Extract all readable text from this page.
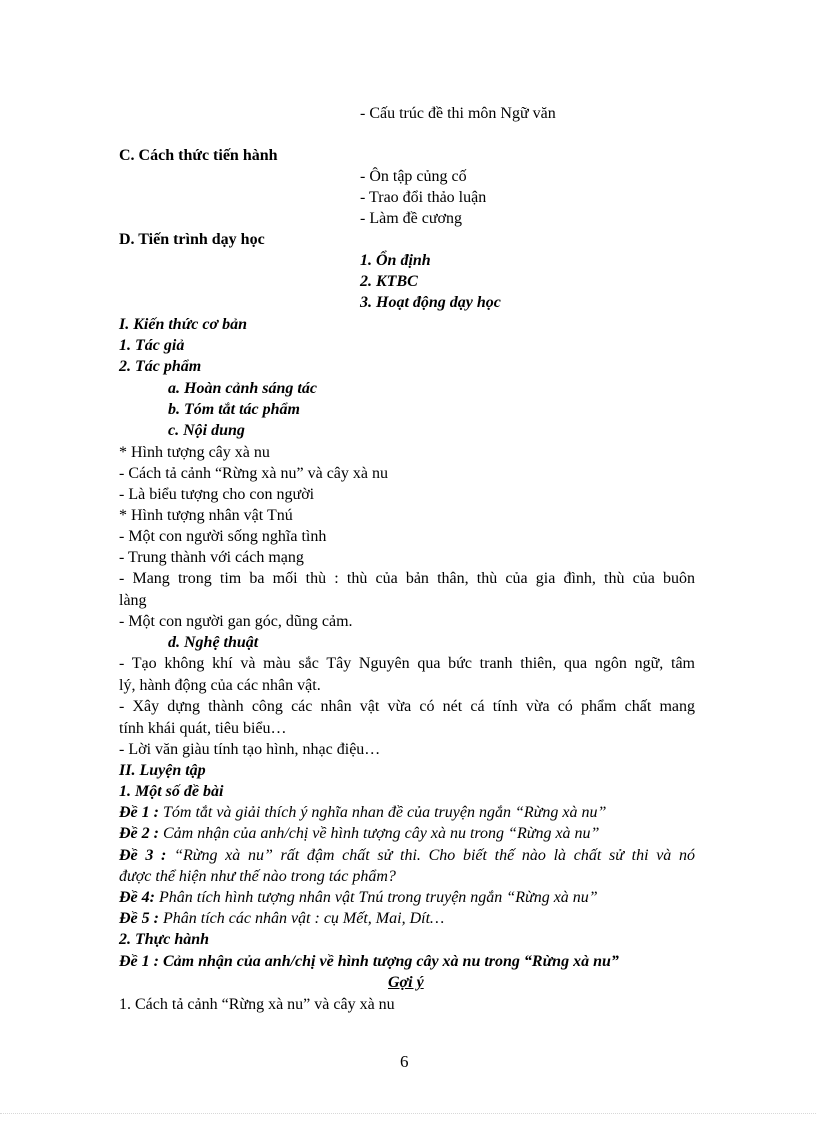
- Cấu trúc đề thi môn Ngữ văn
C. Cách thức tiến hành
- Ôn tập củng cố
- Trao đổi thảo luận
- Làm đề cương
D. Tiến trình dạy học
1. Ổn định
2. KTBC
3. Hoạt động dạy học
I. Kiến thức cơ bản
1. Tác giả
2. Tác phẩm
a. Hoàn cảnh sáng tác
b. Tóm tắt tác phẩm
c. Nội dung
* Hình tượng cây xà nu
- Cách tả cảnh “Rừng xà nu” và cây xà nu
- Là biểu tượng cho con người
* Hình tượng nhân vật Tnú
- Một con người sống nghĩa tình
- Trung thành với cách mạng
- Mang trong tim ba mối thù : thù của bản thân, thù của gia đình, thù của buôn
làng
- Một con người gan góc, dũng cảm.
d. Nghệ thuật
- Tạo không khí và màu sắc Tây Nguyên qua bức tranh thiên, qua ngôn ngữ, tâm
lý, hành động của các nhân vật.
- Xây dựng thành công các nhân vật vừa có nét cá tính vừa có phẩm chất mang
tính khái quát, tiêu biểu…
- Lời văn giàu tính tạo hình, nhạc điệu…
II. Luyện tập
1. Một số đề bài
Đề 1 : Tóm tắt và giải thích ý nghĩa nhan đề của truyện ngắn “Rừng xà nu”
Đề 2 : Cảm nhận của anh/chị về hình tượng cây xà nu trong “Rừng xà nu”
Đề 3 : “Rừng xà nu” rất đậm chất sử thi. Cho biết thế nào là chất sử thi và nó
được thể hiện như thế nào trong tác phẩm?
Đề 4: Phân tích hình tượng nhân vật Tnú trong truyện ngắn “Rừng xà nu”
Đề 5 : Phân tích các nhân vật : cụ Mết, Mai, Dít…
2. Thực hành
Đề 1 : Cảm nhận của anh/chị về hình tượng cây xà nu trong “Rừng xà nu”
Gợi ý
1. Cách tả cảnh “Rừng xà nu” và cây xà nu
6
